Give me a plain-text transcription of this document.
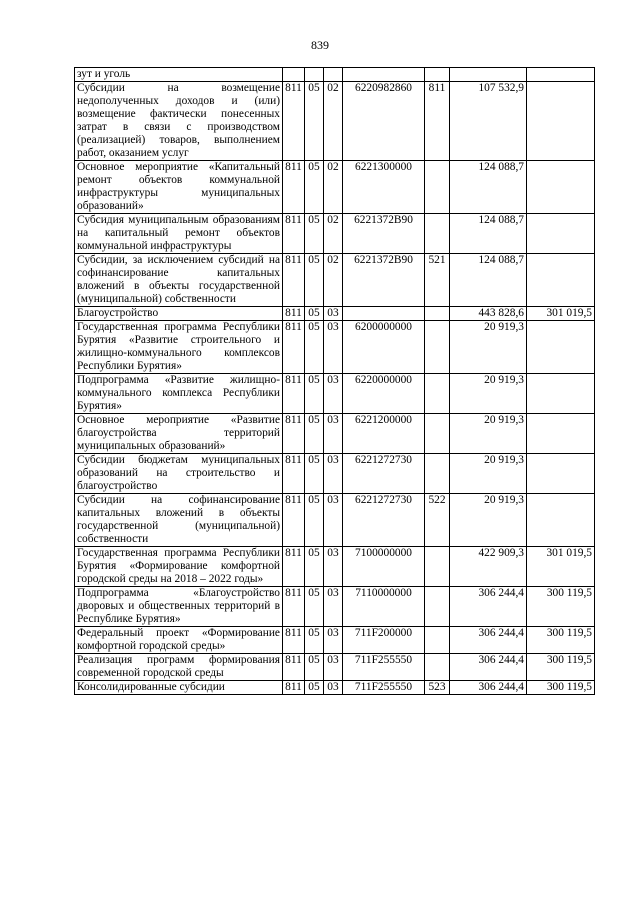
839
зут и уголь							
Субсидии на возмещение недополученных доходов и (или) возмещение фактически понесенных затрат в связи с производством (реализацией) товаров, выполнением работ, оказанием услуг	811	05	02	6220982860	811	107 532,9	
Основное мероприятие «Капитальный ремонт объектов коммунальной инфраструктуры муниципальных образований»	811	05	02	6221300000		124 088,7	
Субсидия муниципальным образованиям на капитальный ремонт объектов коммунальной инфраструктуры	811	05	02	6221372В90		124 088,7	
Субсидии, за исключением субсидий на софинансирование капитальных вложений в объекты государственной (муниципальной) собственности	811	05	02	6221372В90	521	124 088,7	
Благоустройство	811	05	03			443 828,6	301 019,5
Государственная программа Республики Бурятия «Развитие строительного и жилищно-коммунального комплексов Республики Бурятия»	811	05	03	6200000000		20 919,3	
Подпрограмма «Развитие жилищно-коммунального комплекса Республики Бурятия»	811	05	03	6220000000		20 919,3	
Основное мероприятие «Развитие благоустройства территорий муниципальных образований»	811	05	03	6221200000		20 919,3	
Субсидии бюджетам муниципальных образований на строительство и благоустройство	811	05	03	6221272730		20 919,3	
Субсидии на софинансирование капитальных вложений в объекты государственной (муниципальной) собственности	811	05	03	6221272730	522	20 919,3	
Государственная программа Республики Бурятия «Формирование комфортной городской среды на 2018 – 2022 годы»	811	05	03	7100000000		422 909,3	301 019,5
Подпрограмма «Благоустройство дворовых и общественных территорий в Республике Бурятия»	811	05	03	7110000000		306 244,4	300 119,5
Федеральный проект «Формирование комфортной городской среды»	811	05	03	711F200000		306 244,4	300 119,5
Реализация программ формирования современной городской среды	811	05	03	711F255550		306 244,4	300 119,5
Консолидированные субсидии	811	05	03	711F255550	523	306 244,4	300 119,5
